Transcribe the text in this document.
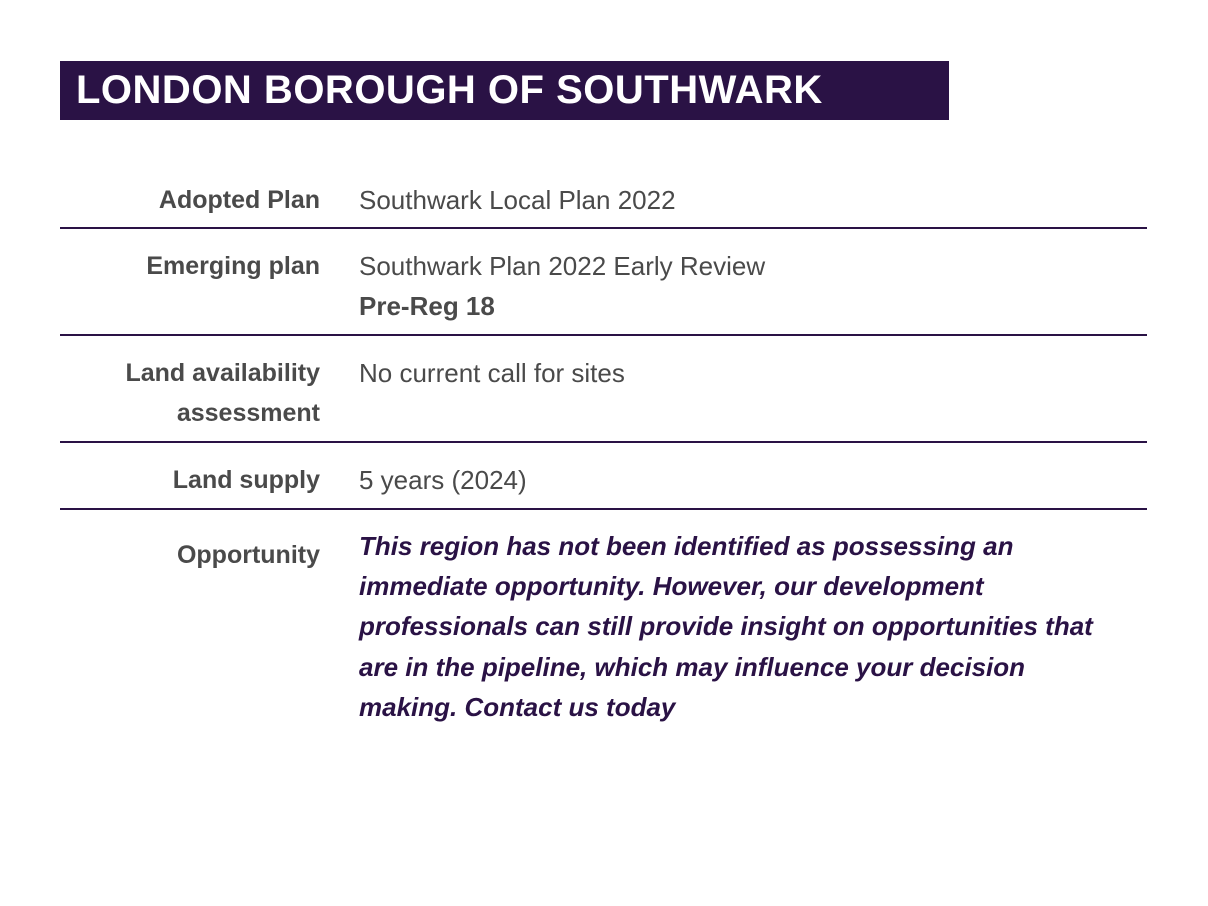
LONDON BOROUGH OF SOUTHWARK
Adopted Plan Southwark Local Plan 2022
Emerging plan Southwark Plan 2022 Early Review
Pre-Reg 18
Land availability assessment
No current call for sites
Land supply 5 years (2024)
Opportunity This region has not been identified as possessing an immediate opportunity. However, our development professionals can still provide insight on opportunities that are in the pipeline, which may influence your decision making. Contact us today
